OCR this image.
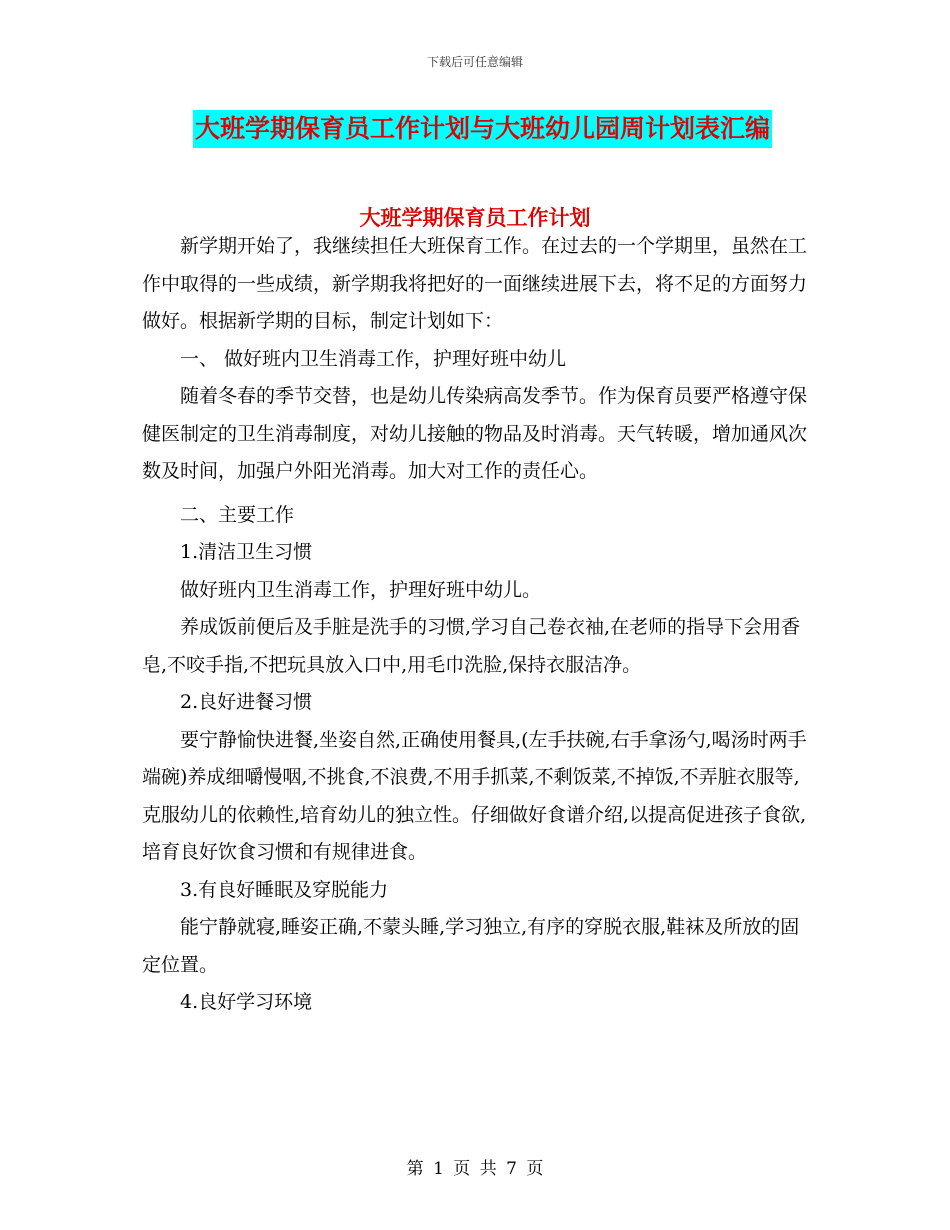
下载后可任意编辑
大班学期保育员工作计划与大班幼儿园周计划表汇编
大班学期保育员工作计划

新学期开始了，我继续担任大班保育工作。在过去的一个学期里，虽然在工作中取得的一些成绩，新学期我将把好的一面继续进展下去，将不足的方面努力做好。根据新学期的目标，制定计划如下：

一、 做好班内卫生消毒工作，护理好班中幼儿

随着冬春的季节交替，也是幼儿传染病高发季节。作为保育员要严格遵守保健医制定的卫生消毒制度，对幼儿接触的物品及时消毒。天气转暖，增加通风次数及时间，加强户外阳光消毒。加大对工作的责任心。

二、主要工作

1.清洁卫生习惯

做好班内卫生消毒工作，护理好班中幼儿。

养成饭前便后及手脏是洗手的习惯,学习自己卷衣袖,在老师的指导下会用香皂,不咬手指,不把玩具放入口中,用毛巾洗脸,保持衣服洁净。

2.良好进餐习惯

要宁静愉快进餐,坐姿自然,正确使用餐具,(左手扶碗,右手拿汤勺,喝汤时两手端碗)养成细嚼慢咽,不挑食,不浪费,不用手抓菜,不剩饭菜,不掉饭,不弄脏衣服等,克服幼儿的依赖性,培育幼儿的独立性。仔细做好食谱介绍,以提高促进孩子食欲,培育良好饮食习惯和有规律进食。

3.有良好睡眠及穿脱能力

能宁静就寝,睡姿正确,不蒙头睡,学习独立,有序的穿脱衣服,鞋袜及所放的固定位置。

4.良好学习环境

第 1 页 共 7 页
